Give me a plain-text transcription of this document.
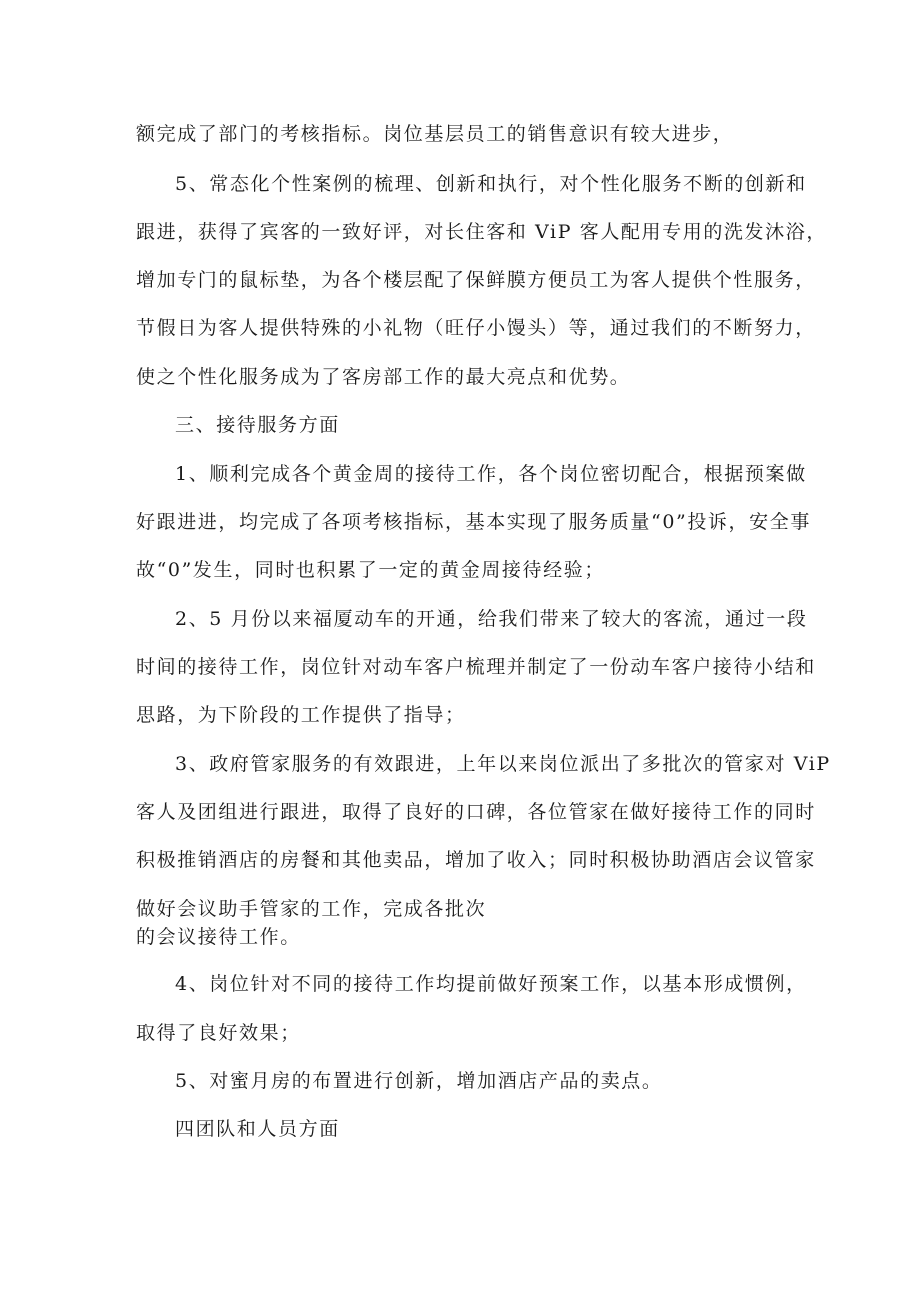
额完成了部门的考核指标。岗位基层员工的销售意识有较大进步，
5、常态化个性案例的梳理、创新和执行，对个性化服务不断的创新和
跟进，获得了宾客的一致好评，对长住客和 ViP 客人配用专用的洗发沐浴，
增加专门的鼠标垫，为各个楼层配了保鲜膜方便员工为客人提供个性服务，
节假日为客人提供特殊的小礼物（旺仔小馒头）等，通过我们的不断努力，
使之个性化服务成为了客房部工作的最大亮点和优势。
三、接待服务方面
1、顺利完成各个黄金周的接待工作，各个岗位密切配合，根据预案做
好跟进进，均完成了各项考核指标，基本实现了服务质量“0”投诉，安全事
故“0”发生，同时也积累了一定的黄金周接待经验；
2、5 月份以来福厦动车的开通，给我们带来了较大的客流，通过一段
时间的接待工作，岗位针对动车客户梳理并制定了一份动车客户接待小结和
思路，为下阶段的工作提供了指导；
3、政府管家服务的有效跟进，上年以来岗位派出了多批次的管家对 ViP
客人及团组进行跟进，取得了良好的口碑，各位管家在做好接待工作的同时
积极推销酒店的房餐和其他卖品，增加了收入；同时积极协助酒店会议管家
做好会议助手管家的工作，完成各批次
的会议接待工作。
4、岗位针对不同的接待工作均提前做好预案工作，以基本形成惯例，
取得了良好效果；
5、对蜜月房的布置进行创新，增加酒店产品的卖点。
四团队和人员方面
